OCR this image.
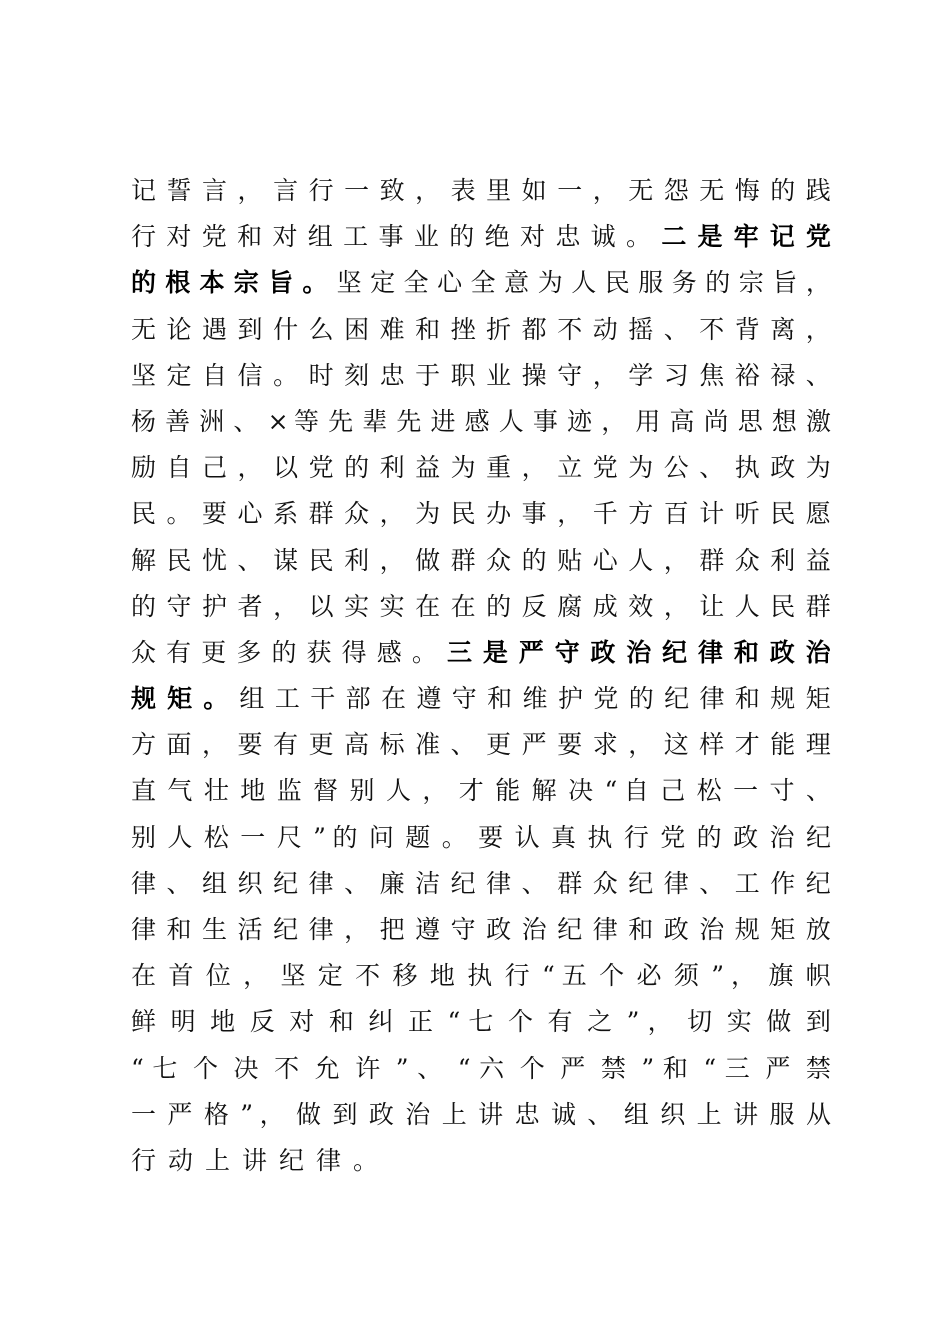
记 誓 言 ， 言 行 一 致 ， 表 里 如 一 ， 无 怨 无 悔 的 践
行 对 党 和 对 组 工 事 业 的 绝 对 忠 诚 。 二 是 牢 记 党
的 根 本 宗 旨 。 坚 定 全 心 全 意 为 人 民 服 务 的 宗 旨 ，
无 论 遇 到 什 么 困 难 和 挫 折 都 不 动 摇 、 不 背 离 ，
坚 定 自 信 。 时 刻 忠 于 职 业 操 守 ， 学 习 焦 裕 禄 、
杨 善 洲 、 × 等 先 辈 先 进 感 人 事 迹 ， 用 高 尚 思 想 激
励 自 己 ， 以 党 的 利 益 为 重 ， 立 党 为 公 、 执 政 为
民 。 要 心 系 群 众 ， 为 民 办 事 ， 千 方 百 计 听 民 愿
解 民 忧 、 谋 民 利 ， 做 群 众 的 贴 心 人 ， 群 众 利 益
的 守 护 者 ， 以 实 实 在 在 的 反 腐 成 效 ， 让 人 民 群
众 有 更 多 的 获 得 感 。 三 是 严 守 政 治 纪 律 和 政 治
规 矩 。 组 工 干 部 在 遵 守 和 维 护 党 的 纪 律 和 规 矩
方 面 ， 要 有 更 高 标 准 、 更 严 要 求 ， 这 样 才 能 理
直 气 壮 地 监 督 别 人 ， 才 能 解 决 “ 自 己 松 一 寸 、
别 人 松 一 尺 ” 的 问 题 。 要 认 真 执 行 党 的 政 治 纪
律 、 组 织 纪 律 、 廉 洁 纪 律 、 群 众 纪 律 、 工 作 纪
律 和 生 活 纪 律 ， 把 遵 守 政 治 纪 律 和 政 治 规 矩 放
在 首 位 ， 坚 定 不 移 地 执 行 “ 五 个 必 须 ” ， 旗 帜
鲜 明 地 反 对 和 纠 正 “ 七 个 有 之 ” ， 切 实 做 到
“ 七 个 决 不 允 许 ” 、 “ 六 个 严 禁 ” 和 “ 三 严 禁
一 严 格 ” ， 做 到 政 治 上 讲 忠 诚 、 组 织 上 讲 服 从
行动上讲纪律。
